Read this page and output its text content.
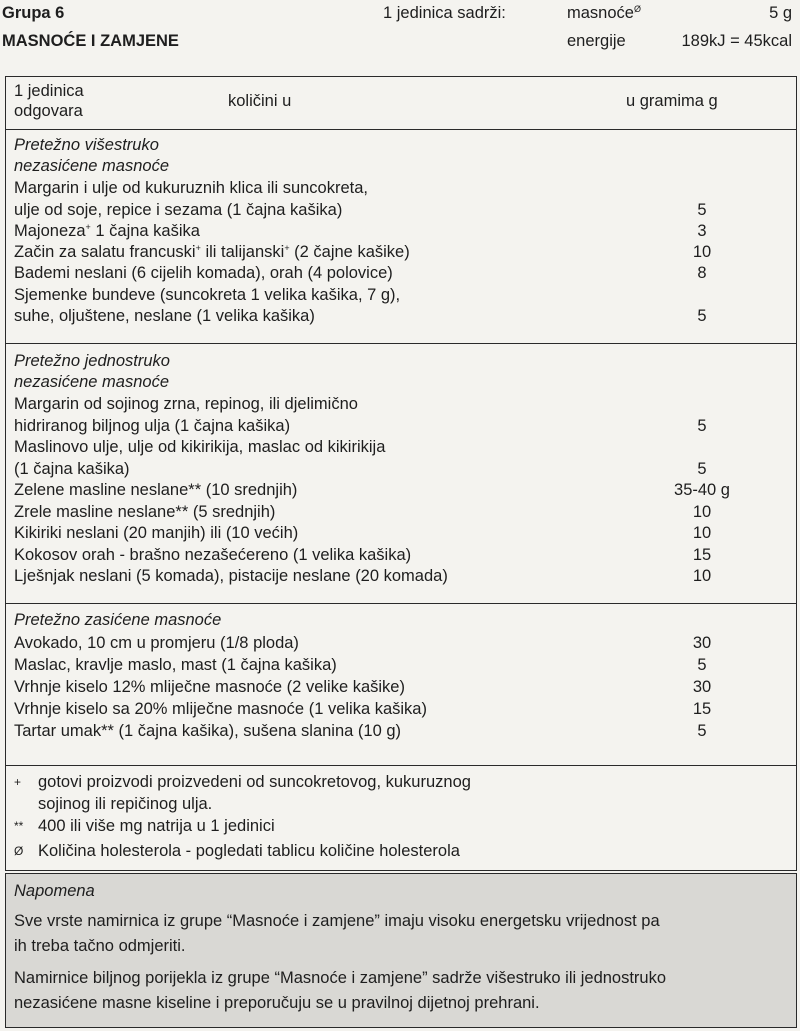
Grupa 6
MASNOĆE I ZAMJENE
1 jedinica sadrži:	masnoće$^Ø$	5 g
energije	189kJ = 45kcal
1 jedinica
odgovara
količini u	u gramima g
Pretežno višestruko
nezasićene masnoće
Margarin i ulje od kukuruznih klica ili suncokreta,
ulje od soje, repice i sezama (1 čajna kašika)	5
Majoneza+ 1 čajna kašika	3
Začin za salatu francuski+ ili talijanski+ (2 čajne kašike)	10
Bademi neslani (6 cijelih komada), orah (4 polovice)	8
Sjemenke bundeve (suncokreta 1 velika kašika, 7 g),
suhe, oljuštene, neslane (1 velika kašika)	5
Pretežno jednostruko
nezasićene masnoće
Margarin od sojinog zrna, repinog, ili djelimično
hidriranog biljnog ulja (1 čajna kašika)	5
Maslinovo ulje, ulje od kikirikija, maslac od kikirikija
(1 čajna kašika)	5
Zelene masline neslane** (10 srednjih)	35-40 g
Zrele masline neslane** (5 srednjih)	10
Kikiriki neslani (20 manjih) ili (10 većih)	10
Kokosov orah - brašno nezašećereno (1 velika kašika)	15
Lješnjak neslani (5 komada), pistacije neslane (20 komada)	10
Pretežno zasićene masnoće
Avokado, 10 cm u promjeru (1/8 ploda)	30
Maslac, kravlje maslo, mast (1 čajna kašika)	5
Vrhnje kiselo 12% mliječne masnoće (2 velike kašike)	30
Vrhnje kiselo sa 20% mliječne masnoće (1 velika kašika)	15
Tartar umak** (1 čajna kašika), sušena slanina (10 g)	5
+	gotovi proizvodi proizvedeni od suncokretovog, kukuruznog
sojinog ili repičinog ulja.
** 400 ili više mg natrija u 1 jedinici
Ø Količina holesterola - pogledati tablicu količine holesterola
Napomena
Sve vrste namirnica iz grupe “Masnoće i zamjene” imaju visoku energetsku vrijednost pa
ih treba tačno odmjeriti.
Namirnice biljnog porijekla iz grupe “Masnoće i zamjene” sadrže višestruko ili jednostruko
nezasićene masne kiseline i preporučuju se u pravilnoj dijetnoj prehrani.
